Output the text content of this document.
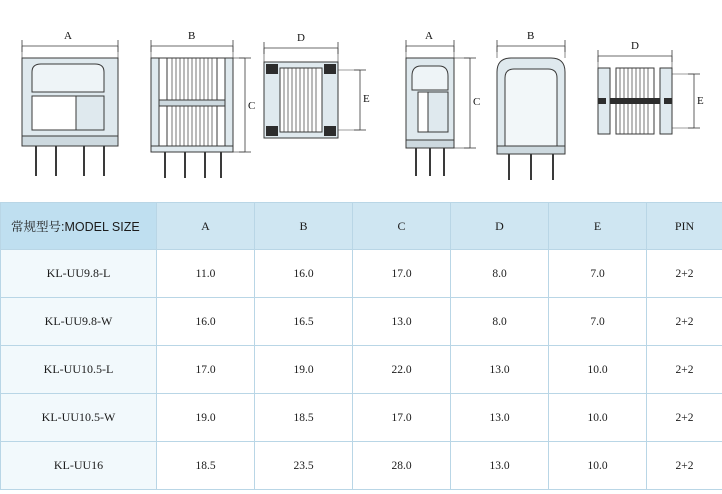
A	B
C
D
E
A
C
B
D
E
常规型号:MODEL SIZE	A	B	C	D	E	PIN
KL-UU9.8-L	11.0	16.0	17.0	8.0	7.0	2+2
KL-UU9.8-W	16.0	16.5	13.0	8.0	7.0	2+2
KL-UU10.5-L	17.0	19.0	22.0	13.0	10.0	2+2
KL-UU10.5-W	19.0	18.5	17.0	13.0	10.0	2+2
KL-UU16	18.5	23.5	28.0	13.0	10.0	2+2
